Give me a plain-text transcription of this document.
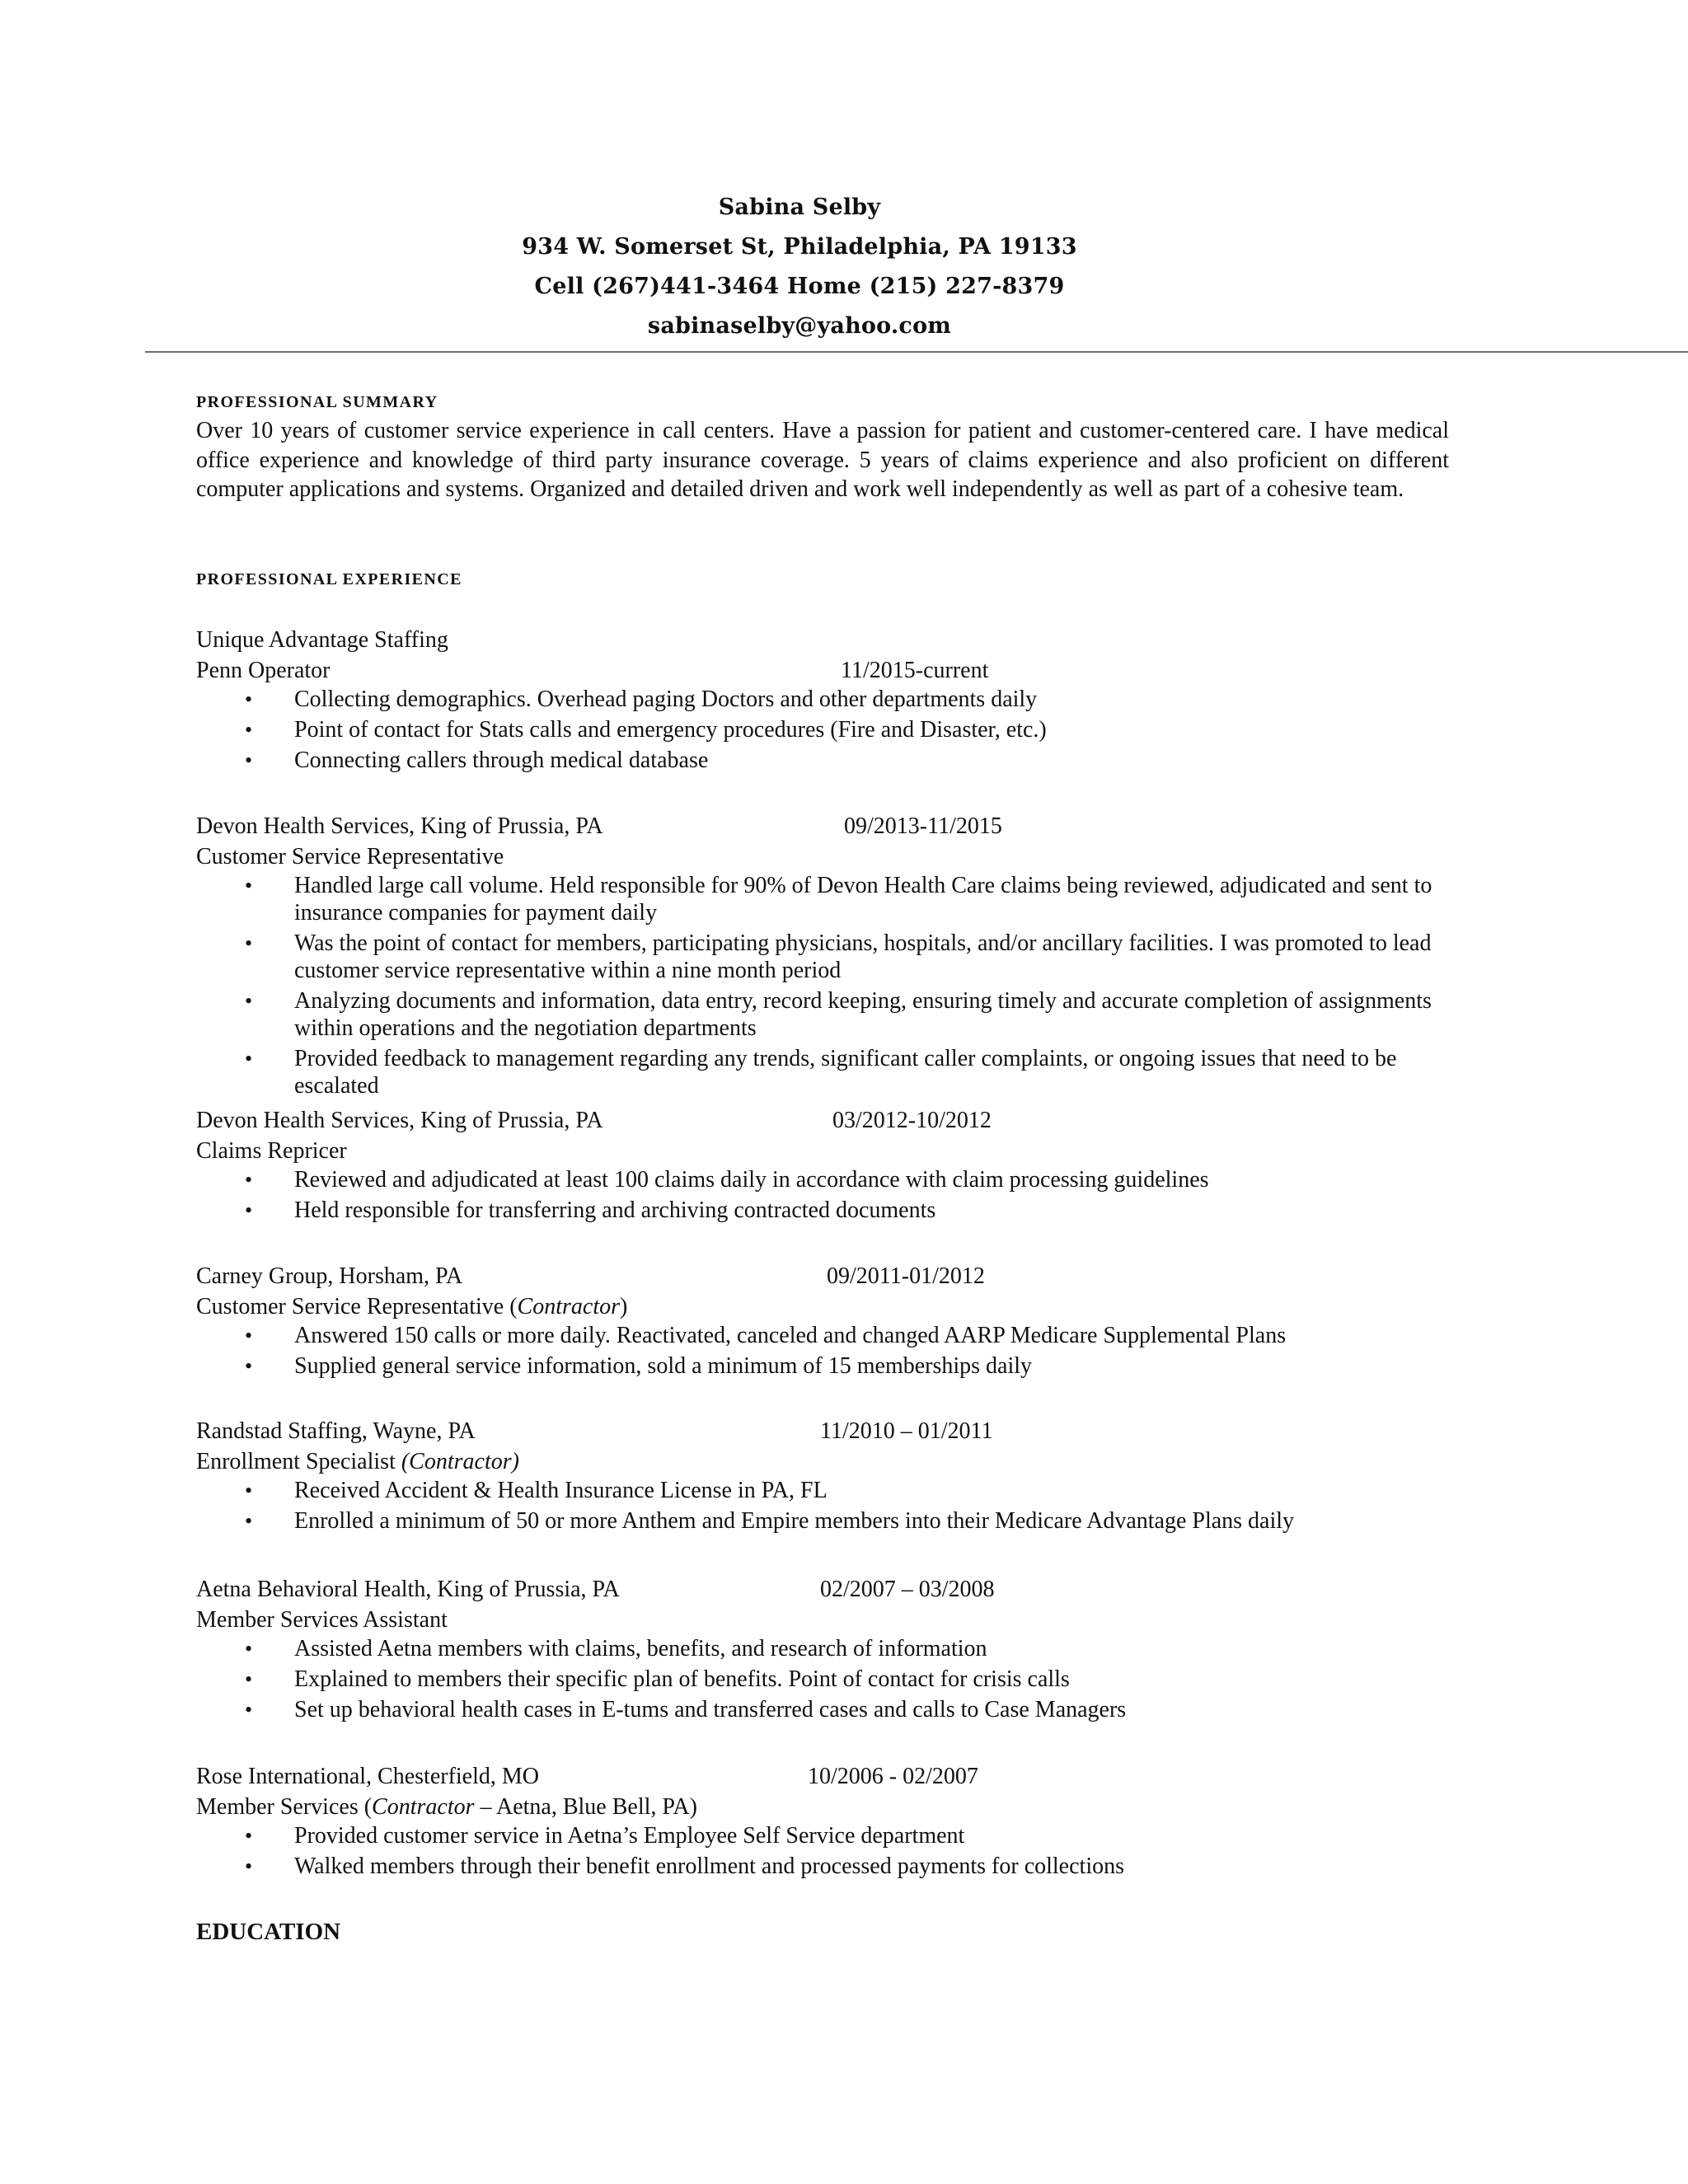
Sabina Selby
934 W. Somerset St, Philadelphia, PA 19133
Cell (267)441-3464 Home (215) 227-8379
sabinaselby@yahoo.com
PROFESSIONAL SUMMARY
Over 10 years of customer service experience in call centers. Have a passion for patient and customer-centered care. I have medical office experience and knowledge of third party insurance coverage. 5 years of claims experience and also proficient on different computer applications and systems. Organized and detailed driven and work well independently as well as part of a cohesive team.
PROFESSIONAL EXPERIENCE
Unique Advantage Staffing
Penn Operator	11/2015-current
• Collecting demographics. Overhead paging Doctors and other departments daily
• Point of contact for Stats calls and emergency procedures (Fire and Disaster, etc.)
• Connecting callers through medical database
Devon Health Services, King of Prussia, PA	09/2013-11/2015
Customer Service Representative
• Handled large call volume. Held responsible for 90% of Devon Health Care claims being reviewed, adjudicated and sent to insurance companies for payment daily
• Was the point of contact for members, participating physicians, hospitals, and/or ancillary facilities. I was promoted to lead customer service representative within a nine month period
• Analyzing documents and information, data entry, record keeping, ensuring timely and accurate completion of assignments within operations and the negotiation departments
• Provided feedback to management regarding any trends, significant caller complaints, or ongoing issues that need to be escalated
Devon Health Services, King of Prussia, PA	03/2012-10/2012
Claims Repricer
• Reviewed and adjudicated at least 100 claims daily in accordance with claim processing guidelines
• Held responsible for transferring and archiving contracted documents
Carney Group, Horsham, PA	09/2011-01/2012
Customer Service Representative (Contractor)
• Answered 150 calls or more daily. Reactivated, canceled and changed AARP Medicare Supplemental Plans
• Supplied general service information, sold a minimum of 15 memberships daily
Randstad Staffing, Wayne, PA	11/2010 – 01/2011
Enrollment Specialist (Contractor)
• Received Accident & Health Insurance License in PA, FL
• Enrolled a minimum of 50 or more Anthem and Empire members into their Medicare Advantage Plans daily
Aetna Behavioral Health, King of Prussia, PA	02/2007 – 03/2008
Member Services Assistant
• Assisted Aetna members with claims, benefits, and research of information
• Explained to members their specific plan of benefits. Point of contact for crisis calls
• Set up behavioral health cases in E-tums and transferred cases and calls to Case Managers
Rose International, Chesterfield, MO	10/2006 - 02/2007
Member Services (Contractor – Aetna, Blue Bell, PA)
• Provided customer service in Aetna’s Employee Self Service department
• Walked members through their benefit enrollment and processed payments for collections
EDUCATION
